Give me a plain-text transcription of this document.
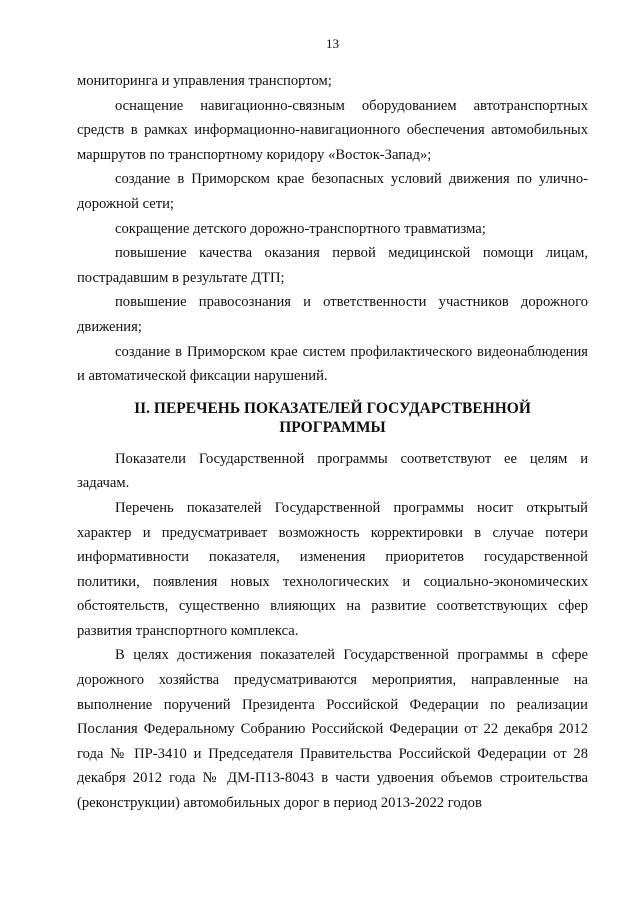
13

мониторинга и управления транспортом;

оснащение навигационно-связным оборудованием автотранспортных средств в рамках информационно-навигационного обеспечения автомобильных маршрутов по транспортному коридору «Восток-Запад»;

создание в Приморском крае безопасных условий движения по улично-дорожной сети;

сокращение детского дорожно-транспортного травматизма;

повышение качества оказания первой медицинской помощи лицам, пострадавшим в результате ДТП;

повышение правосознания и ответственности участников дорожного движения;

создание в Приморском крае систем профилактического видеонаблюдения и автоматической фиксации нарушений.

II. ПЕРЕЧЕНЬ ПОКАЗАТЕЛЕЙ ГОСУДАРСТВЕННОЙ ПРОГРАММЫ

Показатели Государственной программы соответствуют ее целям и задачам.

Перечень показателей Государственной программы носит открытый характер и предусматривает возможность корректировки в случае потери информативности показателя, изменения приоритетов государственной политики, появления новых технологических и социально-экономических обстоятельств, существенно влияющих на развитие соответствующих сфер развития транспортного комплекса.

В целях достижения показателей Государственной программы в сфере дорожного хозяйства предусматриваются мероприятия, направленные на выполнение поручений Президента Российской Федерации по реализации Послания Федеральному Собранию Российской Федерации от 22 декабря 2012 года № ПР-3410 и Председателя Правительства Российской Федерации от 28 декабря 2012 года № ДМ-П13-8043 в части удвоения объемов строительства (реконструкции) автомобильных дорог в период 2013-2022 годов
